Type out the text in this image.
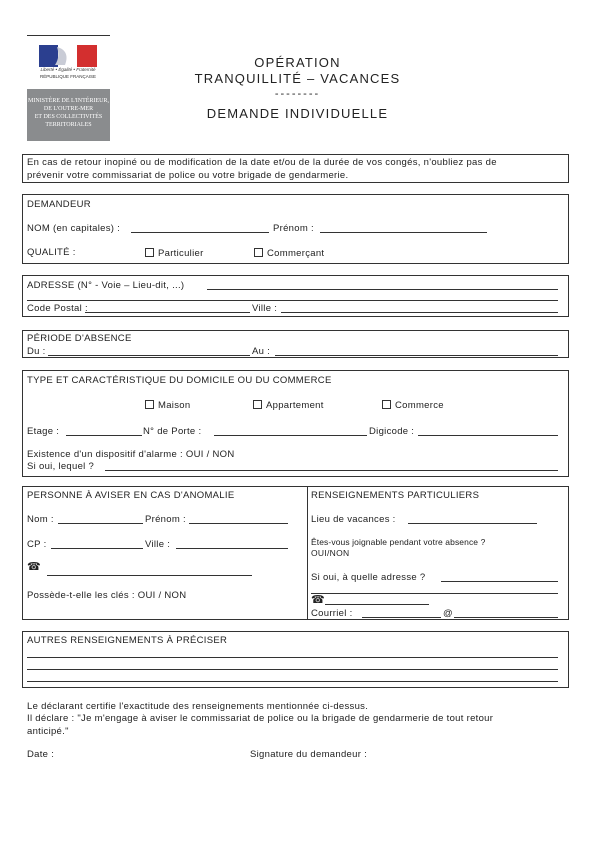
Liberté • Égalité • Fraternité
RÉPUBLIQUE FRANÇAISE
MINISTÈRE DE L'INTÉRIEUR,
DE L'OUTRE-MER
ET DES COLLECTIVITÉS
TERRITORIALES
OPÉRATION
TRANQUILLITÉ – VACANCES
--------
DEMANDE INDIVIDUELLE
En cas de retour inopiné ou de modification de la date et/ou de la durée de vos congés, n'oubliez pas de
prévenir votre commissariat de police ou votre brigade de gendarmerie.
DEMANDEUR
NOM (en capitales) :	Prénom :
QUALITÉ :	Particulier	Commerçant
ADRESSE (N° - Voie – Lieu-dit, ...)
Code Postal :	Ville :
PÉRIODE D'ABSENCE
Du :	Au :
TYPE ET CARACTÉRISTIQUE DU DOMICILE OU DU COMMERCE
Maison	Appartement	Commerce
Etage :	N° de Porte :	Digicode :
Existence d'un dispositif d'alarme : OUI / NON
Si oui, lequel ?
PERSONNE À AVISER EN CAS D'ANOMALIE
Nom :	Prénom :
CP :	Ville :
☎
Possède-t-elle les clés : OUI / NON
RENSEIGNEMENTS PARTICULIERS
Lieu de vacances :
Êtes-vous joignable pendant votre absence ?
OUI/NON
Si oui, à quelle adresse ?
☎
Courriel :	@
AUTRES RENSEIGNEMENTS À PRÉCISER
Le déclarant certifie l'exactitude des renseignements mentionnée ci-dessus.
Il déclare : "Je m'engage à aviser le commissariat de police ou la brigade de gendarmerie de tout retour
anticipé."
Date :	Signature du demandeur :
